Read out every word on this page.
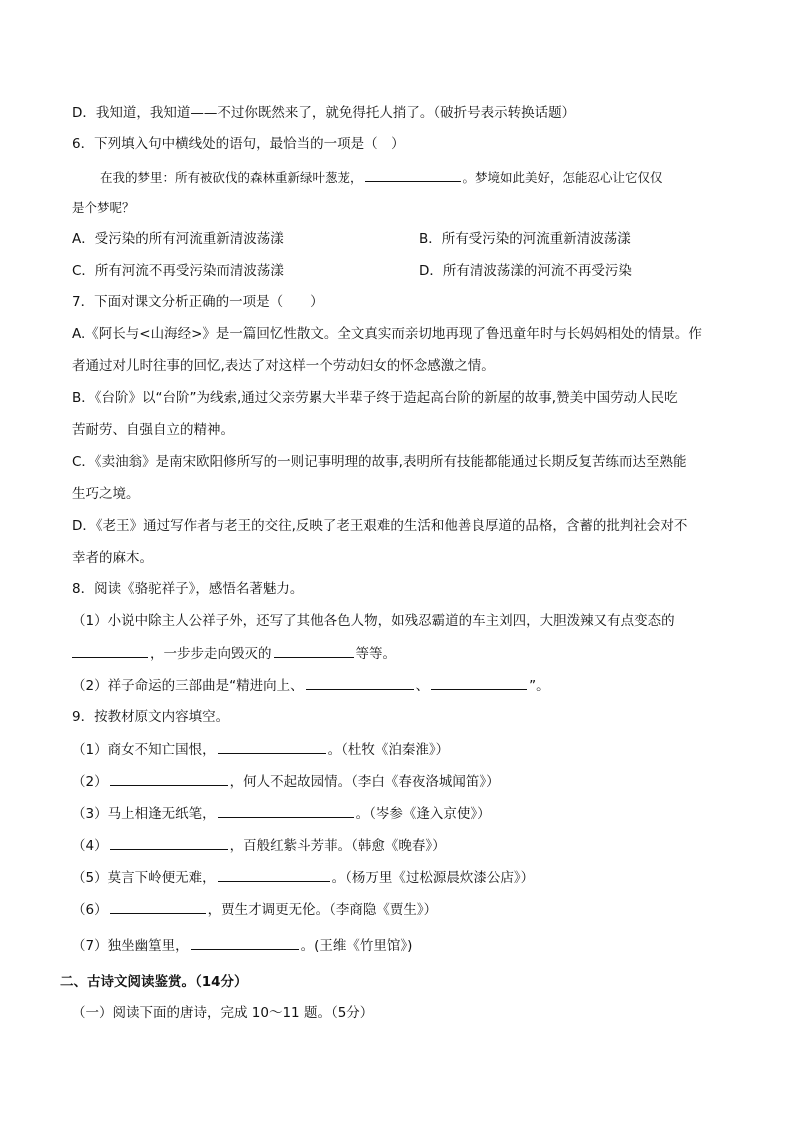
D．我知道，我知道——不过你既然来了，就免得托人捎了。（破折号表示转换话题）
6．下列填入句中横线处的语句，最恰当的一项是（　）
在我的梦里：所有被砍伐的森林重新绿叶葱茏，	。梦境如此美好，怎能忍心让它仅仅
是个梦呢？
A．受污染的所有河流重新清波荡漾	B．所有受污染的河流重新清波荡漾
C．所有河流不再受污染而清波荡漾	D．所有清波荡漾的河流不再受污染
7．下面对课文分析正确的一项是（　　）
A.《阿长与<山海经>》是一篇回忆性散文。全文真实而亲切地再现了鲁迅童年时与长妈妈相处的情景。作
者通过对儿时往事的回忆,表达了对这样一个劳动妇女的怀念感激之情。
B．《台阶》以“台阶”为线索,通过父亲劳累大半辈子终于造起高台阶的新屋的故事,赞美中国劳动人民吃
苦耐劳、自强自立的精神。
C．《卖油翁》是南宋欧阳修所写的一则记事明理的故事,表明所有技能都能通过长期反复苦练而达至熟能
生巧之境。
D．《老王》通过写作者与老王的交往,反映了老王艰难的生活和他善良厚道的品格，含蓄的批判社会对不
幸者的麻木。
8．阅读《骆驼祥子》，感悟名著魅力。
（1）小说中除主人公祥子外，还写了其他各色人物，如残忍霸道的车主刘四，大胆泼辣又有点变态的
，一步步走向毁灭的	等等。
（2）祥子命运的三部曲是“精进向上、	、	”。
9．按教材原文内容填空。
（1）商女不知亡国恨，	。（杜牧《泊秦淮》）
（2）	，何人不起故园情。（李白《春夜洛城闻笛》）
（3）马上相逢无纸笔，	。（岑参《逢入京使》）
（4）	，百般红紫斗芳菲。（韩愈《晚春》）
（5）莫言下岭便无难，	。（杨万里《过松源晨炊漆公店》）
（6）	，贾生才调更无伦。（李商隐《贾生》）
（7）独坐幽篁里，	。(王维《竹里馆》)
二、古诗文阅读鉴赏。（14分）
（一）阅读下面的唐诗，完成 10～11 题。（5分）
